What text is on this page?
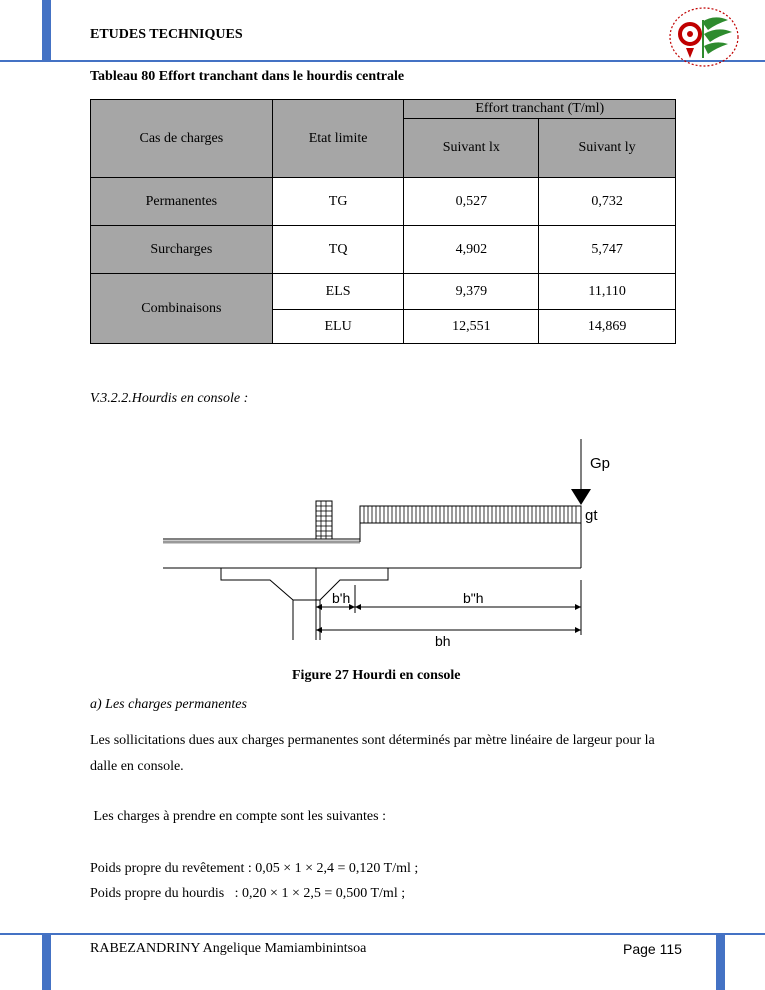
ETUDES TECHNIQUES
Tableau 80 Effort tranchant dans le hourdis centrale
Cas de charges	Etat limite	Effort tranchant (T/ml)	
		Suivant lx	Suivant ly
Permanentes	TG	0,527	0,732
Surcharges	TQ	4,902	5,747
Combinaisons	ELS	9,379	11,110
	ELU	12,551	14,869
V.3.2.2.Hourdis en console :
Gp
gt
b'h	b"h
bh
Figure 27 Hourdi en console
a) Les charges permanentes
Les sollicitations dues aux charges permanentes sont déterminés par mètre linéaire de largeur pour la dalle en console.
Les charges à prendre en compte sont les suivantes :
Poids propre du revêtement : 0,05 × 1 × 2,4 = 0,120 T/ml ;
Poids propre du hourdis   : 0,20 × 1 × 2,5 = 0,500 T/ml ;
RABEZANDRINY Angelique Mamiambinintsoa	Page 115
